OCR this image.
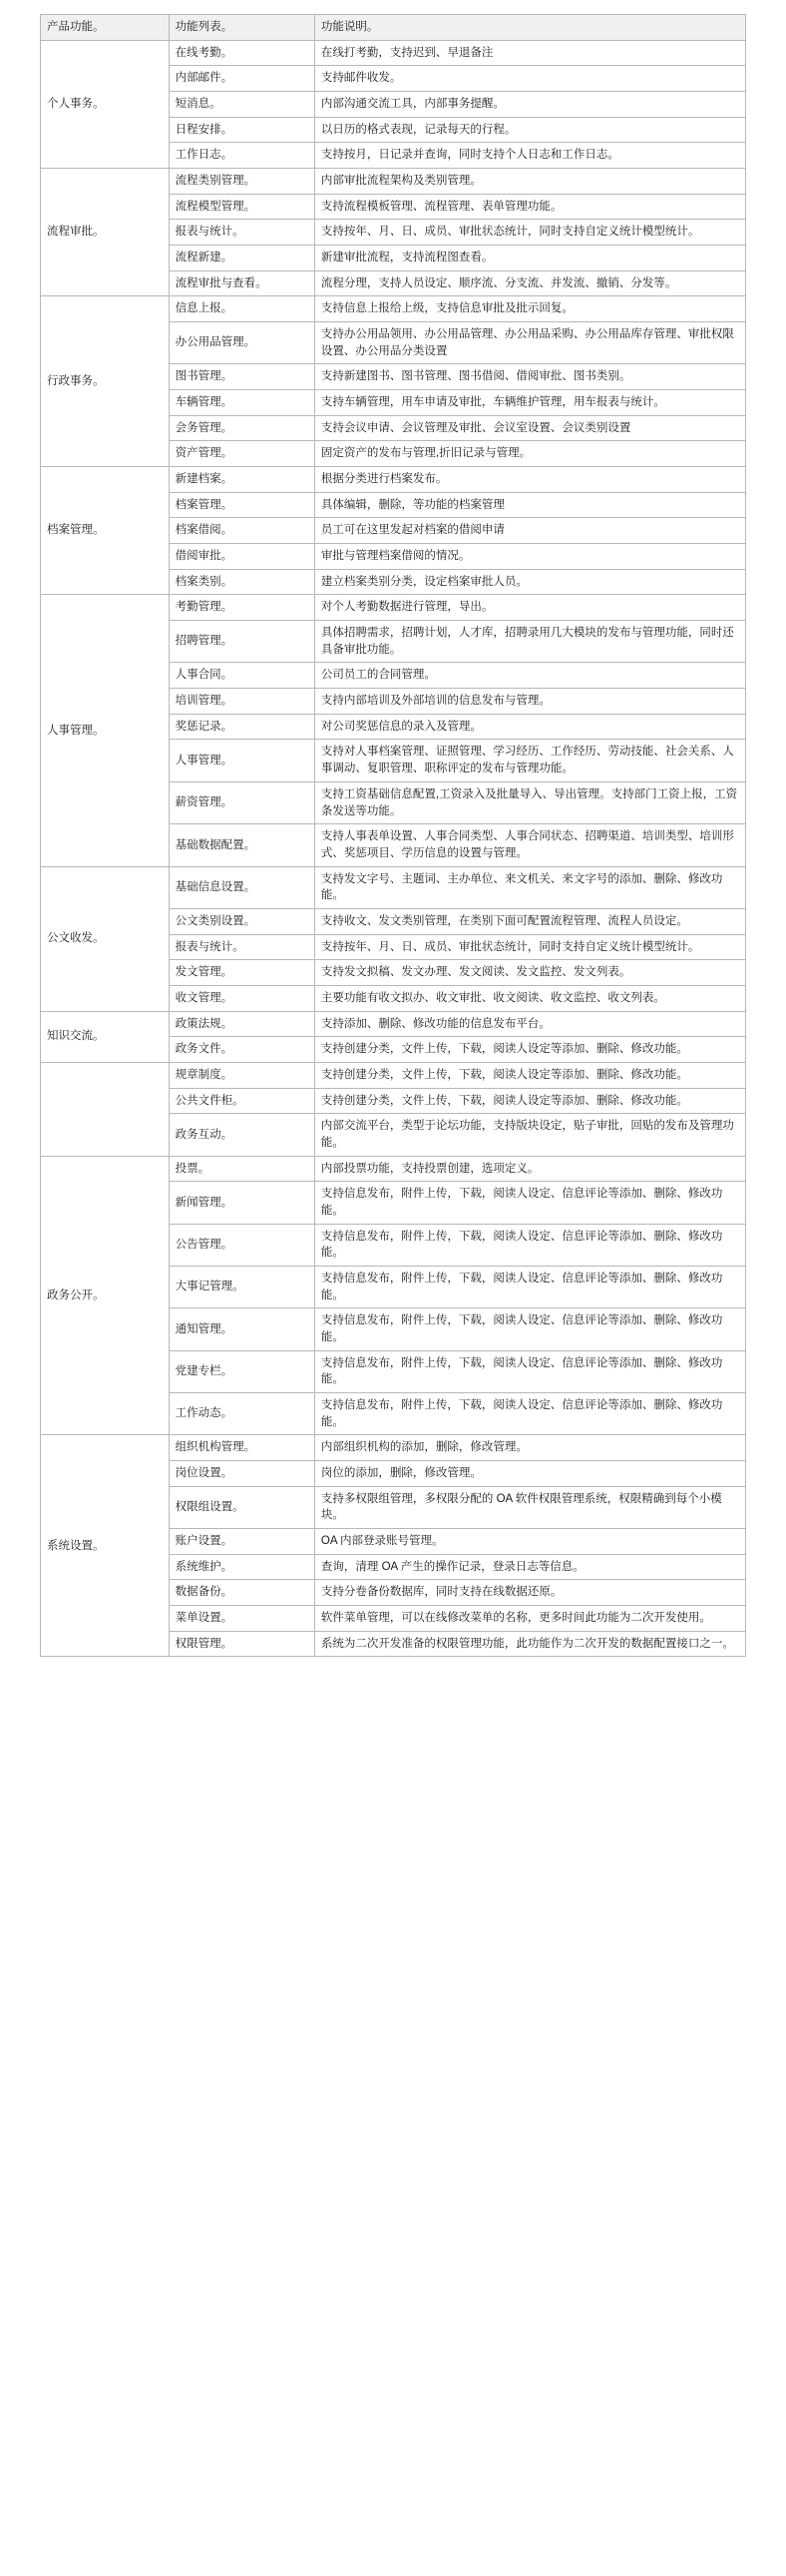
产品功能。	功能列表。	功能说明。
个人事务。	在线考勤。	在线打考勤，支持迟到、早退备注
	内部邮件。	支持邮件收发。
	短消息。	内部沟通交流工具，内部事务提醒。
	日程安排。	以日历的格式表现，记录每天的行程。
	工作日志。	支持按月，日记录并查询，同时支持个人日志和工作日志。
流程审批。	流程类别管理。	内部审批流程架构及类别管理。
	流程模型管理。	支持流程模板管理、流程管理、表单管理功能。
	报表与统计。	支持按年、月、日、成员、审批状态统计，同时支持自定义统计模型统计。
	流程新建。	新建审批流程，支持流程图查看。
	流程审批与查看。	流程分理，支持人员设定、顺序流、分支流、并发流、撤销、分发等。
行政事务。	信息上报。	支持信息上报给上级，支持信息审批及批示回复。
	办公用品管理。	支持办公用品领用、办公用品管理、办公用品采购、办公用品库存管理、审批权限设置、办公用品分类设置
	图书管理。	支持新建图书、图书管理、图书借阅、借阅审批、图书类别。
	车辆管理。	支持车辆管理，用车申请及审批，车辆维护管理，用车报表与统计。
	会务管理。	支持会议申请、会议管理及审批、会议室设置、会议类别设置
	资产管理。	固定资产的发布与管理,折旧记录与管理。
档案管理。	新建档案。	根据分类进行档案发布。
	档案管理。	具体编辑，删除，等功能的档案管理
	档案借阅。	员工可在这里发起对档案的借阅申请
	借阅审批。	审批与管理档案借阅的情况。
	档案类别。	建立档案类别分类，设定档案审批人员。
人事管理。	考勤管理。	对个人考勤数据进行管理，导出。
	招聘管理。	具体招聘需求，招聘计划，人才库，招聘录用几大模块的发布与管理功能，同时还具备审批功能。
	人事合同。	公司员工的合同管理。
	培训管理。	支持内部培训及外部培训的信息发布与管理。
	奖惩记录。	对公司奖惩信息的录入及管理。
	人事管理。	支持对人事档案管理、证照管理、学习经历、工作经历、劳动技能、社会关系、人事调动、复职管理、职称评定的发布与管理功能。
	薪资管理。	支持工资基础信息配置,工资录入及批量导入、导出管理。支持部门工资上报，工资条发送等功能。
	基础数据配置。	支持人事表单设置、人事合同类型、人事合同状态、招聘渠道、培训类型、培训形式、奖惩项目、学历信息的设置与管理。
公文收发。	基础信息设置。	支持发文字号、主题词、主办单位、来文机关、来文字号的添加、删除、修改功能。
	公文类别设置。	支持收文、发文类别管理，在类别下面可配置流程管理、流程人员设定。
	报表与统计。	支持按年、月、日、成员、审批状态统计，同时支持自定义统计模型统计。
	发文管理。	支持发文拟稿、发文办理、发文阅读、发文监控、发文列表。
	收文管理。	主要功能有收文拟办、收文审批、收文阅读、收文监控、收文列表。
知识交流。	政策法规。	支持添加、删除、修改功能的信息发布平台。
	政务文件。	支持创建分类，文件上传，下载，阅读人设定等添加、删除、修改功能。
	规章制度。	支持创建分类，文件上传，下载，阅读人设定等添加、删除、修改功能。
	公共文件柜。	支持创建分类，文件上传，下载，阅读人设定等添加、删除、修改功能。
	政务互动。	内部交流平台，类型于论坛功能，支持版块设定，贴子审批，回贴的发布及管理功能。
政务公开。	投票。	内部投票功能，支持投票创建，选项定义。
	新闻管理。	支持信息发布，附件上传，下载，阅读人设定、信息评论等添加、删除、修改功能。
	公告管理。	支持信息发布，附件上传，下载，阅读人设定、信息评论等添加、删除、修改功能。
	大事记管理。	支持信息发布，附件上传，下载，阅读人设定、信息评论等添加、删除、修改功能。
	通知管理。	支持信息发布，附件上传，下载，阅读人设定、信息评论等添加、删除、修改功能。
	党建专栏。	支持信息发布，附件上传，下载，阅读人设定、信息评论等添加、删除、修改功能。
	工作动态。	支持信息发布，附件上传，下载，阅读人设定、信息评论等添加、删除、修改功能。
系统设置。	组织机构管理。	内部组织机构的添加，删除，修改管理。
	岗位设置。	岗位的添加，删除，修改管理。
	权限组设置。	支持多权限组管理，多权限分配的 OA 软件权限管理系统，权限精确到每个小模块。
	账户设置。	OA 内部登录账号管理。
	系统维护。	查询，清理 OA 产生的操作记录，登录日志等信息。
	数据备份。	支持分卷备份数据库，同时支持在线数据还原。
	菜单设置。	软件菜单管理，可以在线修改菜单的名称，更多时间此功能为二次开发使用。
	权限管理。	系统为二次开发准备的权限管理功能，此功能作为二次开发的数据配置接口之一。
